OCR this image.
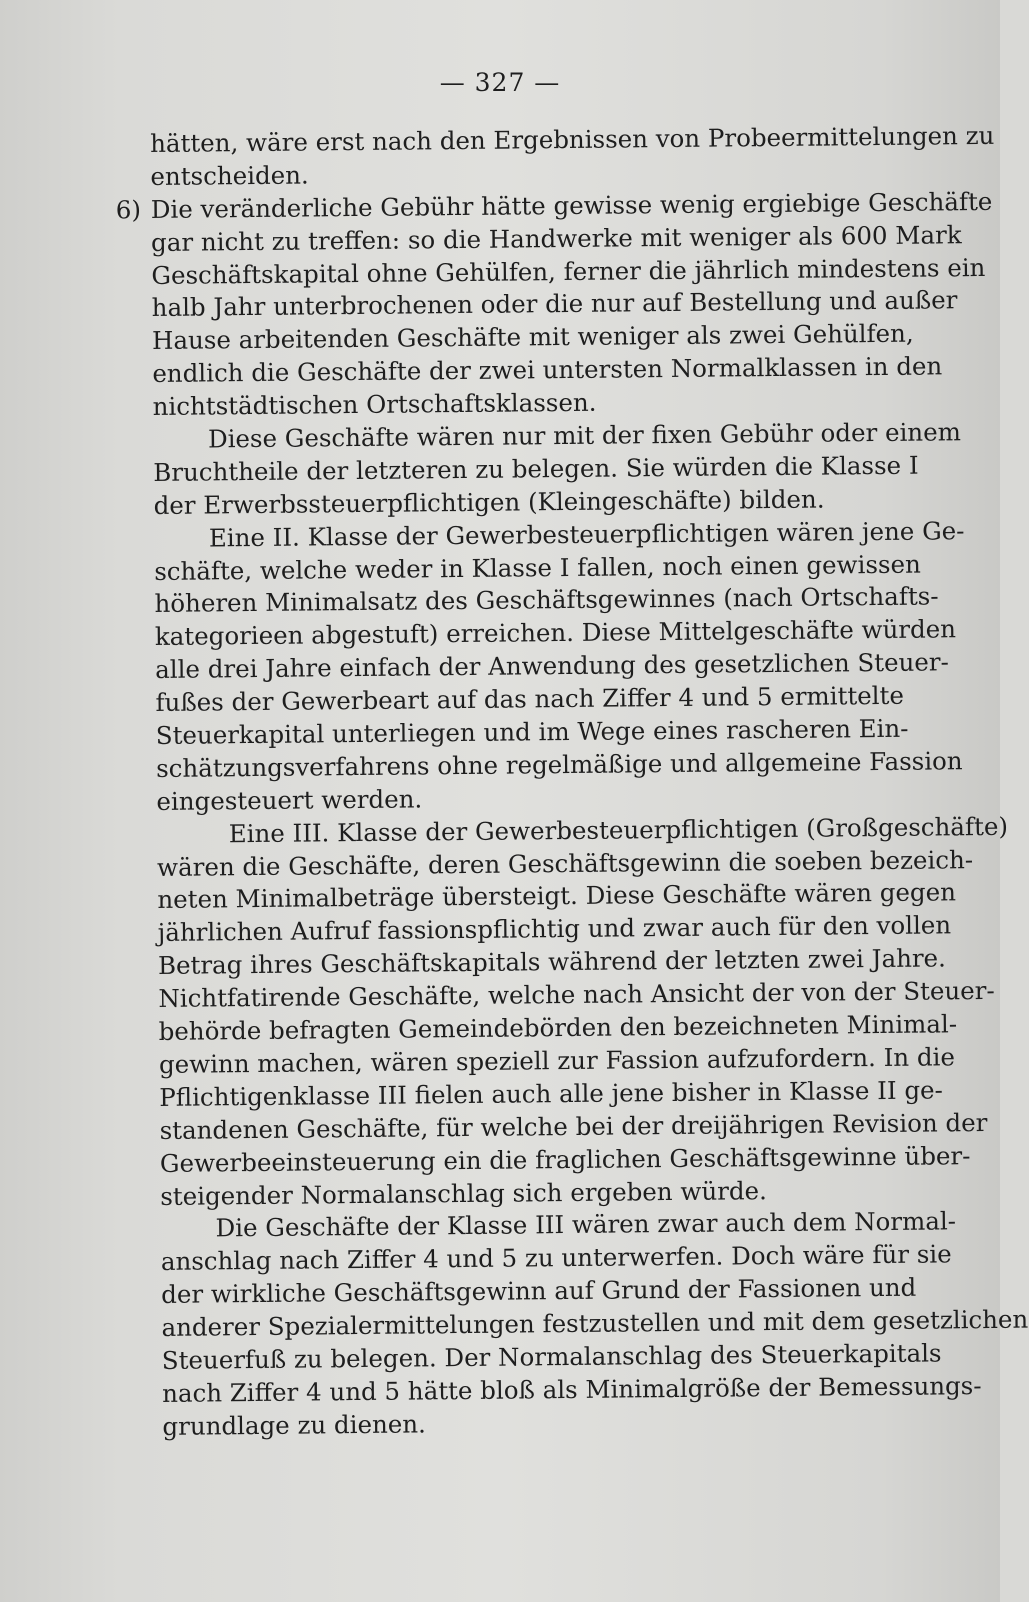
— 327 —
hätten, wäre erst nach den Ergebnissen von Probeermittelungen zu
entscheiden.
6) Die veränderliche Gebühr hätte gewisse wenig ergiebige Geschäfte
gar nicht zu treffen: so die Handwerke mit weniger als 600 Mark
Geschäftskapital ohne Gehülfen, ferner die jährlich mindestens ein
halb Jahr unterbrochenen oder die nur auf Bestellung und außer
Hause arbeitenden Geschäfte mit weniger als zwei Gehülfen,
endlich die Geschäfte der zwei untersten Normalklassen in den
nichtstädtischen Ortschaftsklassen.
Diese Geschäfte wären nur mit der fixen Gebühr oder einem
Bruchtheile der letzteren zu belegen. Sie würden die Klasse I
der Erwerbssteuerpflichtigen (Kleingeschäfte) bilden.
Eine II. Klasse der Gewerbesteuerpflichtigen wären jene Ge-
schäfte, welche weder in Klasse I fallen, noch einen gewissen
höheren Minimalsatz des Geschäftsgewinnes (nach Ortschafts-
kategorieen abgestuft) erreichen. Diese Mittelgeschäfte würden
alle drei Jahre einfach der Anwendung des gesetzlichen Steuer-
fußes der Gewerbeart auf das nach Ziffer 4 und 5 ermittelte
Steuerkapital unterliegen und im Wege eines rascheren Ein-
schätzungsverfahrens ohne regelmäßige und allgemeine Fassion
eingesteuert werden.
Eine III. Klasse der Gewerbesteuerpflichtigen (Großgeschäfte)
wären die Geschäfte, deren Geschäftsgewinn die soeben bezeich-
neten Minimalbeträge übersteigt. Diese Geschäfte wären gegen
jährlichen Aufruf fassionspflichtig und zwar auch für den vollen
Betrag ihres Geschäftskapitals während der letzten zwei Jahre.
Nichtfatirende Geschäfte, welche nach Ansicht der von der Steuer-
behörde befragten Gemeindebörden den bezeichneten Minimal-
gewinn machen, wären speziell zur Fassion aufzufordern. In die
Pflichtigenklasse III fielen auch alle jene bisher in Klasse II ge-
standenen Geschäfte, für welche bei der dreijährigen Revision der
Gewerbeeinsteuerung ein die fraglichen Geschäftsgewinne über-
steigender Normalanschlag sich ergeben würde.
Die Geschäfte der Klasse III wären zwar auch dem Normal-
anschlag nach Ziffer 4 und 5 zu unterwerfen. Doch wäre für sie
der wirkliche Geschäftsgewinn auf Grund der Fassionen und
anderer Spezialermittelungen festzustellen und mit dem gesetzlichen
Steuerfuß zu belegen. Der Normalanschlag des Steuerkapitals
nach Ziffer 4 und 5 hätte bloß als Minimalgröße der Bemessungs-
grundlage zu dienen.
